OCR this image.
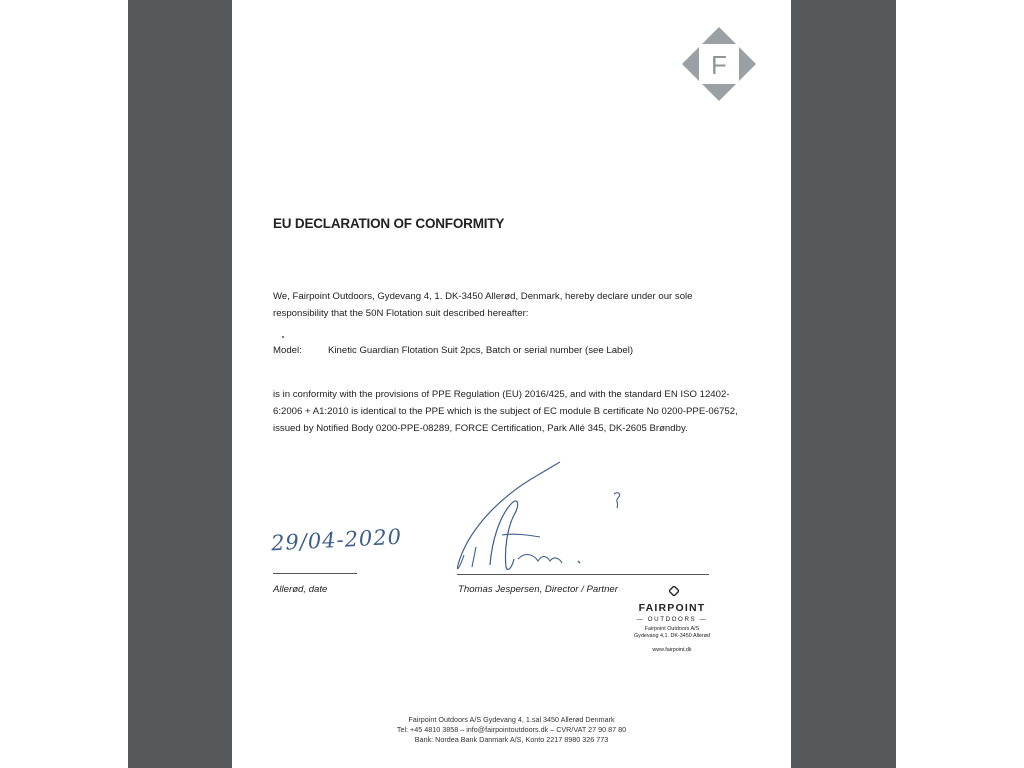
F
EU DECLARATION OF CONFORMITY
We, Fairpoint Outdoors, Gydevang 4, 1. DK-3450 Allerød, Denmark, hereby declare under our sole
responsibility that the 50N Flotation suit described hereafter:
Model:	Kinetic Guardian Flotation Suit 2pcs, Batch or serial number (see Label)
is in conformity with the provisions of PPE Regulation (EU) 2016/425, and with the standard EN ISO 12402-
6:2006 + A1:2010 is identical to the PPE which is the subject of EC module B certificate No 0200-PPE-06752,
issued by Notified Body 0200-PPE-08289, FORCE Certification, Park Allé 345, DK-2605 Brøndby.
29/04-2020
Allerød, date	Thomas Jespersen, Director / Partner
FAIRPOINT
— OUTDOORS —
Fairpoint Outdoors A/S
Gydevang 4,1. DK-3450 Allerød
www.fairpoint.dk
Fairpoint Outdoors A/S Gydevang 4, 1.sal 3450 Allerød Denmark
Tel: +45 4810 3858 – info@fairpointoutdoors.dk – CVR/VAT 27 90 87 80
Bank: Nordea Bank Danmark A/S, Konto 2217 8980 326 773
